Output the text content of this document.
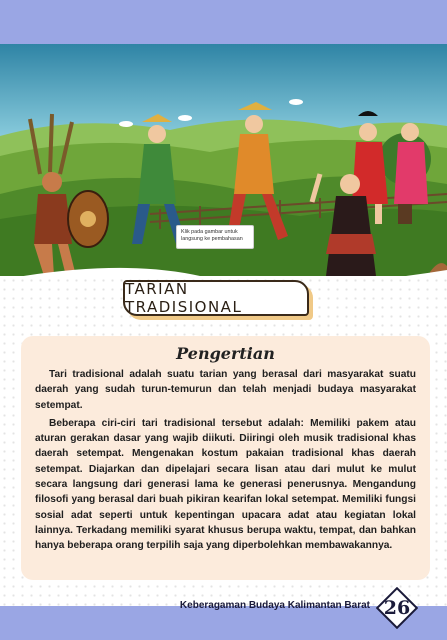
Klik pada gambar untuk langsung ke pembahasan
TARIAN TRADISIONAL
Pengertian

Tari tradisional adalah suatu tarian yang berasal dari masyarakat suatu daerah yang sudah turun-temurun dan telah menjadi budaya masyarakat setempat.

Beberapa ciri-ciri tari tradisional tersebut adalah: Memiliki pakem atau aturan gerakan dasar yang wajib diikuti. Diiringi oleh musik tradisional khas daerah setempat. Mengenakan kostum pakaian tradisional khas daerah setempat. Diajarkan dan dipelajari secara lisan atau dari mulut ke mulut secara langsung dari generasi lama ke generasi penerusnya. Mengandung filosofi yang berasal dari buah pikiran kearifan lokal setempat. Memiliki fungsi sosial adat seperti untuk kepentingan upacara adat atau kegiatan lokal lainnya. Terkadang memiliki syarat khusus berupa waktu, tempat, dan bahkan hanya beberapa orang terpilih saja yang diperbolehkan membawakannya.

Keberagaman Budaya Kalimantan Barat 26
